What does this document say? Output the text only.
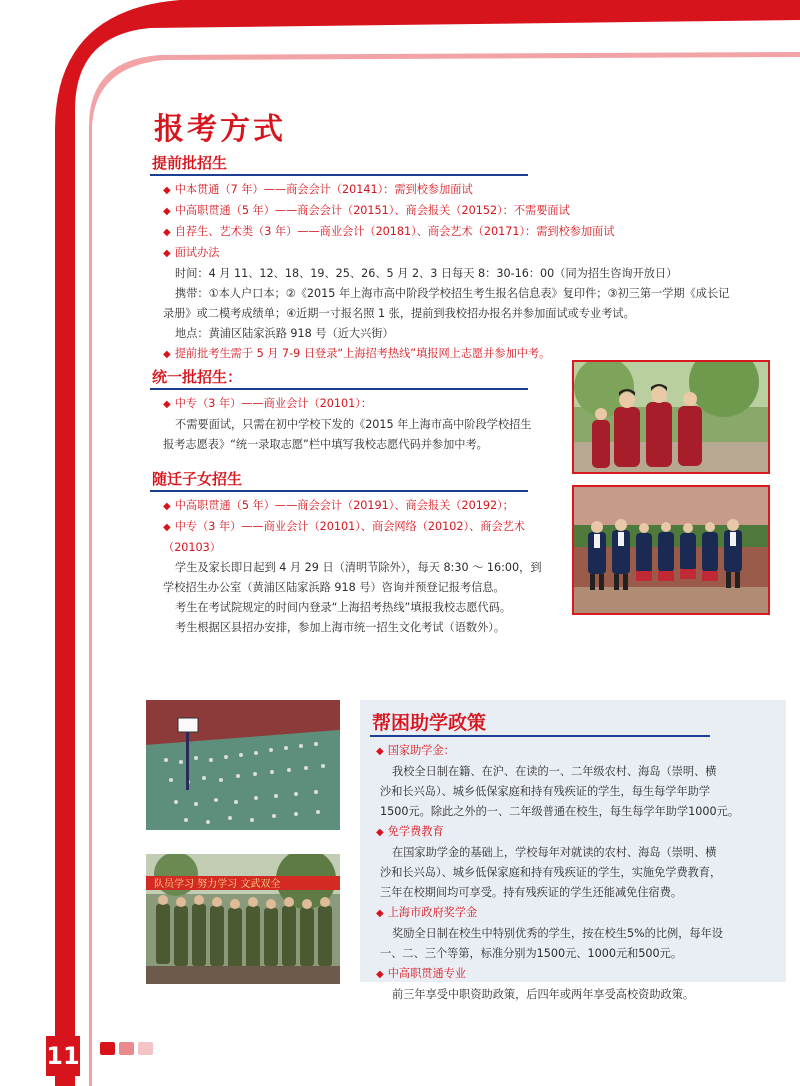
报考方式
提前批招生
◆ 中本贯通（7 年）——商会会计（20141）：需到校参加面试
◆ 中高职贯通（5 年）——商会会计（20151）、商会报关（20152）：不需要面试
◆ 自荐生、艺术类（3 年）——商业会计（20181）、商会艺术（20171）：需到校参加面试
◆ 面试办法
时间：4 月 11、12、18、19、25、26、5 月 2、3 日每天 8：30-16：00（同为招生咨询开放日）
携带：①本人户口本；②《2015 年上海市高中阶段学校招生考生报名信息表》复印件；③初三第一学期《成长记
录册》或二模考成绩单；④近期一寸报名照 1 张，提前到我校招办报名并参加面试或专业考试。
地点：黄浦区陆家浜路 918 号（近大兴街）
◆ 提前批考生需于 5 月 7-9 日登录“上海招考热线”填报网上志愿并参加中考。
统一批招生：
◆ 中专（3 年）——商业会计（20101）：
不需要面试，只需在初中学校下发的《2015 年上海市高中阶段学校招生
报考志愿表》“统一录取志愿”栏中填写我校志愿代码并参加中考。
随迁子女招生
◆ 中高职贯通（5 年）——商会会计（20191）、商会报关（20192）；
◆ 中专（3 年）——商业会计（20101）、商会网络（20102）、商会艺术
（20103）
学生及家长即日起到 4 月 29 日（清明节除外），每天 8:30 ～ 16:00，到
学校招生办公室（黄浦区陆家浜路 918 号）咨询并预登记报考信息。
考生在考试院规定的时间内登录“上海招考热线”填报我校志愿代码。
考生根据区县招办安排，参加上海市统一招生文化考试（语数外）。
队员学习 努力学习 文武双全
帮困助学政策
◆ 国家助学金：
我校全日制在籍、在沪、在读的一、二年级农村、海岛（崇明、横
沙和长兴岛）、城乡低保家庭和持有残疾证的学生，每生每学年助学
1500元。除此之外的一、二年级普通在校生，每生每学年助学1000元。
◆ 免学费教育
在国家助学金的基础上，学校每年对就读的农村、海岛（崇明、横
沙和长兴岛）、城乡低保家庭和持有残疾证的学生，实施免学费教育，
三年在校期间均可享受。持有残疾证的学生还能减免住宿费。
◆ 上海市政府奖学金
奖励全日制在校生中特别优秀的学生，按在校生5%的比例，每年设
一、二、三个等第，标准分别为1500元、1000元和500元。
◆ 中高职贯通专业
前三年享受中职资助政策，后四年或两年享受高校资助政策。
11
